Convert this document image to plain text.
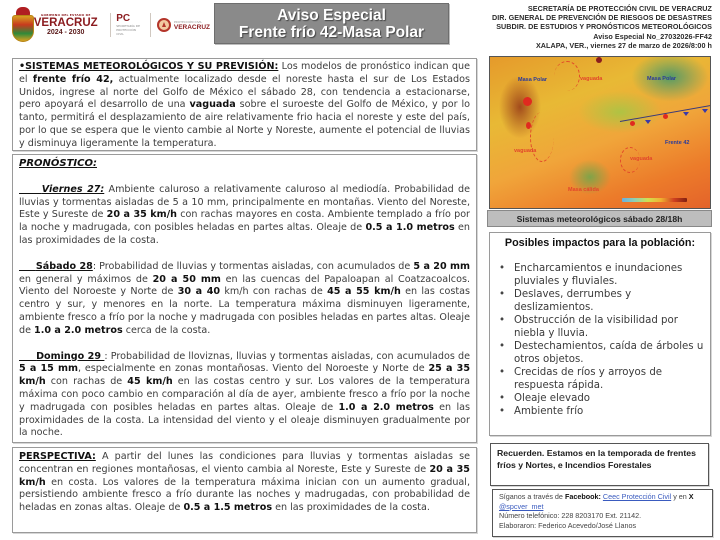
GOBIERNO DEL ESTADO DE
VERACRUZ
2024 - 2030
PC
SECRETARÍA DE PROTECCIÓN CIVIL
PROTECCIÓN CIVIL
VERACRUZ
Aviso Especial
Frente frío 42-Masa Polar
SECRETARÍA DE PROTECCIÓN CIVIL DE VERACRUZ
DIR. GENERAL DE PREVENCIÓN DE RIESGOS DE DESASTRES
SUBDIR. DE ESTUDIOS Y PRONÓSTICOS METEOROLÓGICOS
Aviso Especial No_27032026-FF42
XALAPA, VER., viernes 27 de marzo de 2026/8:00 h
•SISTEMAS METEOROLÓGICOS Y SU PREVISIÓN: Los modelos de pronóstico indican que el frente frío 42, actualmente localizado desde el noreste hasta el sur de Los Estados Unidos, ingrese al norte del Golfo de México el sábado 28, con tendencia a estacionarse, pero apoyará el desarrollo de una vaguada sobre el suroeste del Golfo de México, y por lo tanto, permitirá el desplazamiento de aire relativamente frio hacia el noreste y este del país, por lo que se espera que le viento cambie al Norte y Noreste, aumente el potencial de lluvias y disminuya ligeramente la temperatura.
PRONÓSTICO:
Viernes 27: Ambiente caluroso a relativamente caluroso al mediodía. Probabilidad de lluvias y tormentas aisladas de 5 a 10 mm, principalmente en montañas. Viento del Noreste, Este y Sureste de 20 a 35 km/h con rachas mayores en costa. Ambiente templado a frío por la noche y madrugada, con posibles heladas en partes altas. Oleaje de 0.5 a 1.0 metros en las proximidades de la costa.
Sábado 28: Probabilidad de lluvias y tormentas aisladas, con acumulados de 5 a 20 mm en general y máximos de 20 a 50 mm en las cuencas del Papaloapan al Coatzacoalcos. Viento del Noroeste y Norte de 30 a 40 km/h con rachas de 45 a 55 km/h en las costas centro y sur, y menores en la norte. La temperatura máxima disminuyen ligeramente, ambiente fresco a frío por la noche y madrugada con posibles heladas en partes altas. Oleaje de 1.0 a 2.0 metros cerca de la costa.
Domingo 29 : Probabilidad de lloviznas, lluvias y tormentas aisladas, con acumulados de 5 a 15 mm, especialmente en zonas montañosas. Viento del Noroeste y Norte de 25 a 35 km/h con rachas de 45 km/h en las costas centro y sur. Los valores de la temperatura máxima con poco cambio en comparación al día de ayer, ambiente fresco a frío por la noche y madrugada con posibles heladas en partes altas. Oleaje de 1.0 a 2.0 metros en las proximidades de la costa. La intensidad del viento y el oleaje disminuyen gradualmente por la noche.
PERSPECTIVA: A partir del lunes las condiciones para lluvias y tormentas aisladas se concentran en regiones montañosas, el viento cambia al Noreste, Este y Sureste de 20 a 35 km/h en costa. Los valores de la temperatura máxima inician con un aumento gradual, persistiendo ambiente fresco a frío durante las noches y madrugadas, con probabilidad de heladas en zonas altas. Oleaje de 0.5 a 1.5 metros en las proximidades de la costa.
Masa Polar	Masa Polar
vaguada
vaguada
vaguada
Masa cálida
Frente 42
Sistemas meteorológicos sábado 28/18h
Posibles impactos para la población:
• Encharcamientos e inundaciones pluviales y fluviales.
• Deslaves, derrumbes y deslizamientos.
• Obstrucción de la visibilidad por niebla y lluvia.
• Destechamientos, caída de árboles u otros objetos.
• Crecidas de ríos y arroyos de respuesta rápida.
• Oleaje elevado
• Ambiente frío
Recuerden. Estamos en la temporada de frentes fríos y Nortes, e Incendios Forestales
Síganos a través de Facebook: Ceec Protección Civil y en X @spcver_met
Número telefónico: 228 8203170 Ext. 21142.
Elaboraron: Federico Acevedo/José Llanos
